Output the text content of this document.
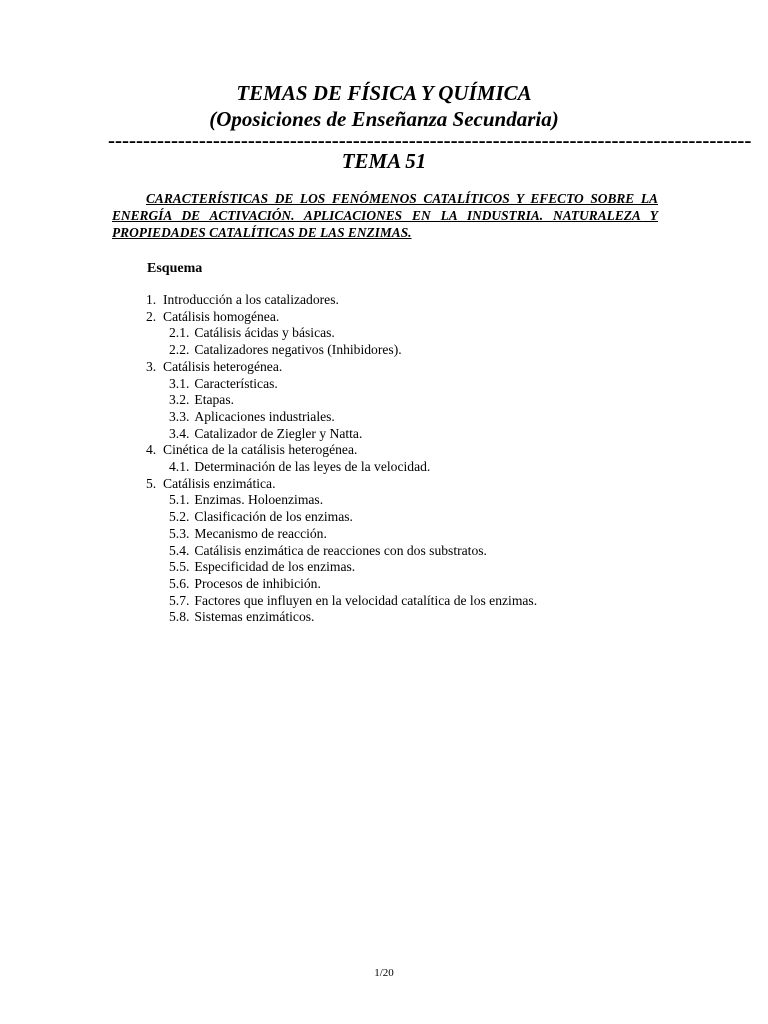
TEMAS DE FÍSICA Y QUÍMICA
(Oposiciones de Enseñanza Secundaria)
--------------------------------------------------------------------------------------------
TEMA 51
CARACTERÍSTICAS DE LOS FENÓMENOS CATALÍTICOS Y EFECTO SOBRE LA ENERGÍA DE ACTIVACIÓN. APLICACIONES EN LA INDUSTRIA. NATURALEZA Y PROPIEDADES CATALÍTICAS DE LAS ENZIMAS.
Esquema
1. Introducción a los catalizadores.
2. Catálisis homogénea.
2.1. Catálisis ácidas y básicas.
2.2. Catalizadores negativos (Inhibidores).
3. Catálisis heterogénea.
3.1. Características.
3.2. Etapas.
3.3. Aplicaciones industriales.
3.4. Catalizador de Ziegler y Natta.
4. Cinética de la catálisis heterogénea.
4.1. Determinación de las leyes de la velocidad.
5. Catálisis enzimática.
5.1. Enzimas. Holoenzimas.
5.2. Clasificación de los enzimas.
5.3. Mecanismo de reacción.
5.4. Catálisis enzimática de reacciones con dos substratos.
5.5. Especificidad de los enzimas.
5.6. Procesos de inhibición.
5.7. Factores que influyen en la velocidad catalítica de los enzimas.
5.8. Sistemas enzimáticos.
1/20
